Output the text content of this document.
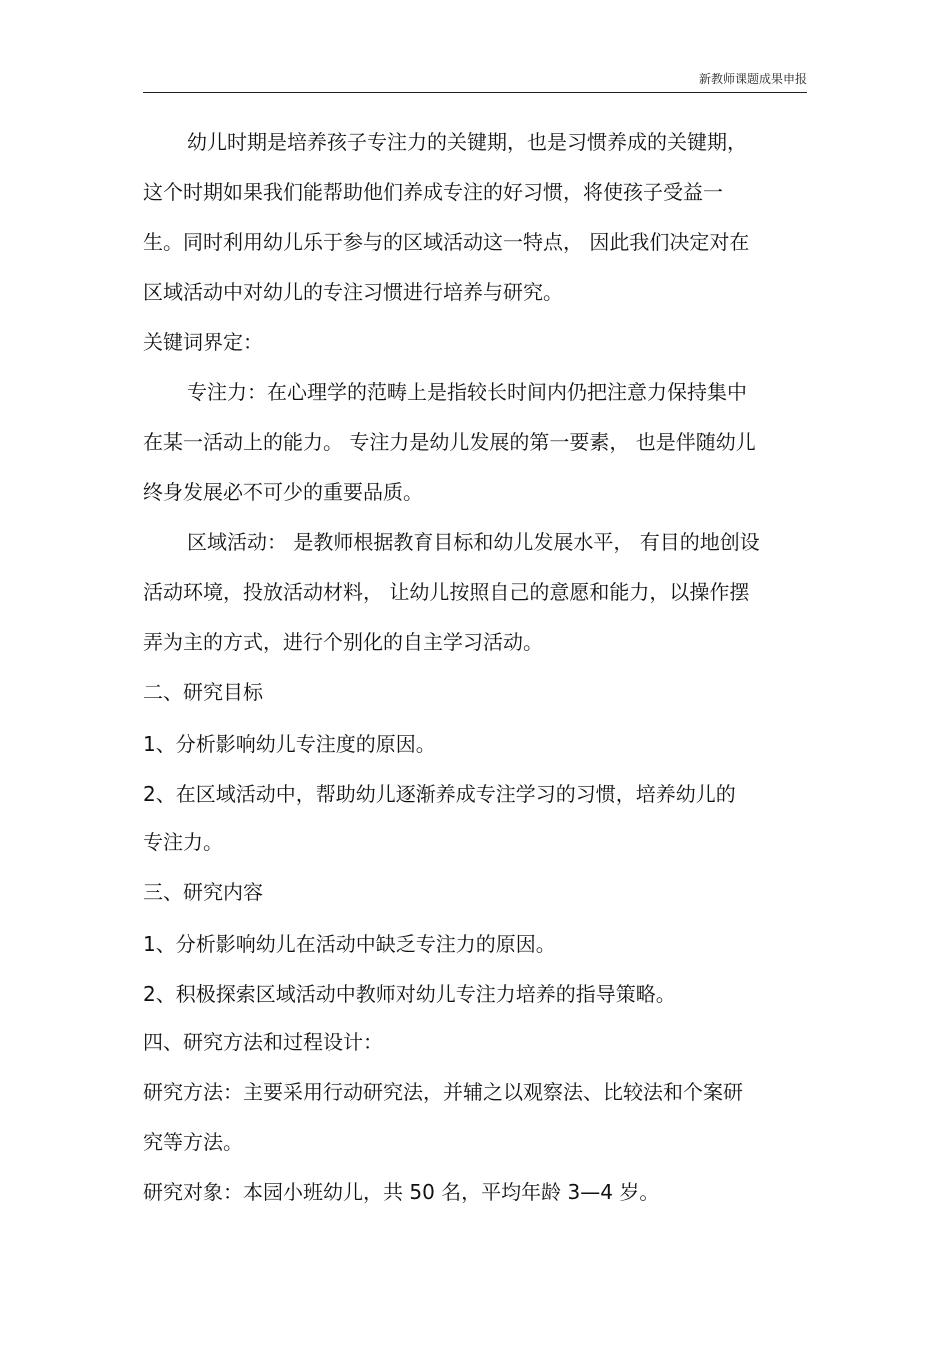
新教师课题成果申报
幼儿时期是培养孩子专注力的关键期，也是习惯养成的关键期，
这个时期如果我们能帮助他们养成专注的好习惯，将使孩子受益一
生。同时利用幼儿乐于参与的区域活动这一特点， 因此我们决定对在
区域活动中对幼儿的专注习惯进行培养与研究。
关键词界定：
专注力：在心理学的范畴上是指较长时间内仍把注意力保持集中
在某一活动上的能力。 专注力是幼儿发展的第一要素， 也是伴随幼儿
终身发展必不可少的重要品质。
区域活动： 是教师根据教育目标和幼儿发展水平， 有目的地创设
活动环境，投放活动材料， 让幼儿按照自己的意愿和能力，以操作摆
弄为主的方式，进行个别化的自主学习活动。
二、研究目标
1、分析影响幼儿专注度的原因。
2、在区域活动中，帮助幼儿逐渐养成专注学习的习惯，培养幼儿的
专注力。
三、研究内容
1、分析影响幼儿在活动中缺乏专注力的原因。
2、积极探索区域活动中教师对幼儿专注力培养的指导策略。
四、研究方法和过程设计：
研究方法：主要采用行动研究法，并辅之以观察法、比较法和个案研
究等方法。
研究对象：本园小班幼儿，共 50 名，平均年龄 3—4 岁。
